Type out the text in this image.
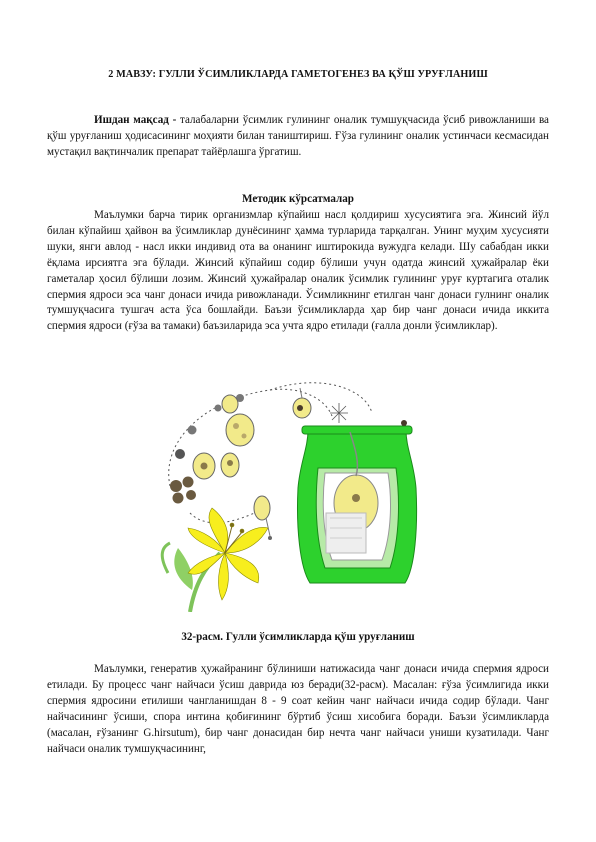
2 МАВЗУ: ГУЛЛИ ЎСИМЛИКЛАРДА ГАМЕТОГЕНЕЗ ВА ҚЎШ УРУҒЛАНИШ

Ишдан мақсад - талабаларни ўсимлик гулининг оналик тумшуқчасида ўсиб ривожланиши ва қўш уруғланиш ҳодисасининг моҳияти билан таништириш. Ғўза гулининг оналик устинчаси кесмасидан мустақил вақтинчалик препарат тайёрлашга ўргатиш.

Методик кўрсатмалар

Маълумки барча тирик организмлар кўпайиш насл қолдириш хусусиятига эга. Жинсий йўл билан кўпайиш ҳайвон ва ўсимликлар дунёсининг ҳамма турларида тарқалган. Унинг муҳим хусусияти шуки, янги авлод - насл икки индивид ота ва онанинг иштирокида вужудга келади. Шу сабабдан икки ёқлама ирсиятга эга бўлади. Жинсий кўпайиш содир бўлиши учун одатда жинсий ҳужайралар ёки гаметалар ҳосил бўлиши лозим. Жинсий ҳужайралар оналик ўсимлик гулининг уруғ куртагига оталик спермия ядроси эса чанг донаси ичида ривожланади. Ўсимликнинг етилган чанг донаси гулнинг оналик тумшуқчасига тушгач аста ўса бошлайди. Баъзи ўсимликларда ҳар бир чанг донаси ичида иккита спермия ядроси (ғўза ва тамаки) баъзиларида эса учта ядро етилади (ғалла донли ўсимликлар).

32-расм. Гулли ўсимликларда қўш уруғланиш

Маълумки, генератив ҳужайранинг бўлиниши натижасида чанг донаси ичида спермия ядроси етилади. Бу процесс чанг найчаси ўсиш даврида юз беради(32-расм). Масалан: ғўза ўсимлигида икки спермия ядросини етилиши чангланишдан 8 - 9 соат кейин чанг найчаси ичида содир бўлади. Чанг найчасининг ўсиши, спора интина қобиғининг бўртиб ўсиш хисобига боради. Баъзи ўсимликларда (масалан, ғўзанинг G.hirsutum), бир чанг донасидан бир нечта чанг найчаси униши кузатилади. Чанг найчаси оналик тумшуқчасининг,
